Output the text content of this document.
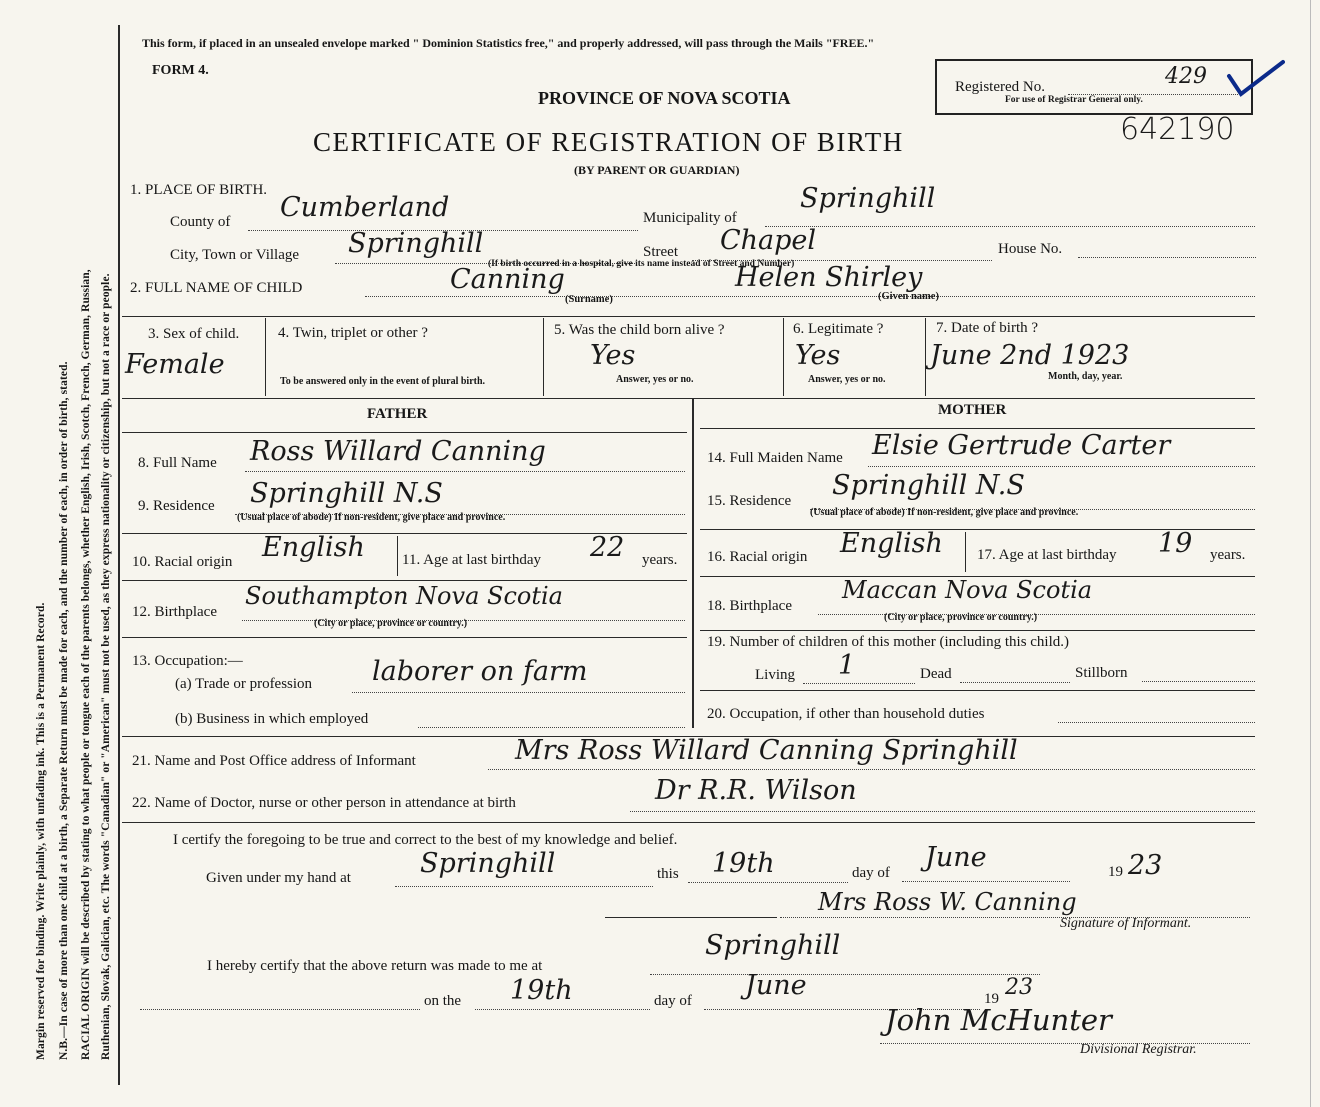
Margin reserved for binding. Write plainly, with unfading ink. This is a Permanent Record. N.B.—In case of more than one child at a birth, a Separate Return must be made for each, and the number of each, in order of birth, stated. RACIAL ORIGIN will be described by stating to what people or tongue each of the parents belongs, whether English, Irish, Scotch, French, German, Russian, Ruthenian, Slovak, Galician, etc. The words "Canadian" or "American" must not be used, as they express nationality or citizenship, but not a race or people.
This form, if placed in an unsealed envelope marked " Dominion Statistics free," and properly addressed, will pass through the Mails "FREE."
FORM 4.
PROVINCE OF NOVA SCOTIA
CERTIFICATE OF REGISTRATION OF BIRTH
(BY PARENT OR GUARDIAN)
Registered No.	429
For use of Registrar General only.
642190
1. PLACE OF BIRTH.
County of Cumberland	Municipality of
Springhill
City, Town or Village Springhill	Street Chapel	House No.
(If birth occurred in a hospital, give its name instead of Street and Number)
2. FULL NAME OF CHILD	Canning
(Surname)
Helen Shirley
(Given name)
3. Sex of child.
Female
4. Twin, triplet or other ?
To be answered only in the event of plural birth.
5. Was the child born alive ?
Yes
Answer, yes or no.
6. Legitimate ?
Yes
Answer, yes or no.
7. Date of birth ?
June 2nd 1923
Month, day, year.
FATHER
8. Full Name Ross Willard Canning
9. Residence Springhill N.S
(Usual place of abode) If non-resident, give place and province.
10. Racial origin English 11. Age at last birthday 22 years.
12. Birthplace
Southampton Nova Scotia
(City or place, province or country.)
13. Occupation:—
(a) Trade or profession laborer on farm
(b) Business in which employed
MOTHER
14. Full Maiden Name Elsie Gertrude Carter
15. Residence Springhill N.S
(Usual place of abode) If non-resident, give place and province.
16. Racial origin English 17. Age at last birthday 19 years.
18. Birthplace
Maccan Nova Scotia
(City or place, province or country.)
19. Number of children of this mother (including this child.)
Living 1	Dead	Stillborn
20. Occupation, if other than household duties
21. Name and Post Office address of Informant	Mrs Ross Willard Canning Springhill
22. Name of Doctor, nurse or other person in attendance at birth	Dr R.R. Wilson
I certify the foregoing to be true and correct to the best of my knowledge and belief.
Given under my hand at	Springhill	this 19th	day of June	19 23
Mrs Ross W. Canning
Signature of Informant.
I hereby certify that the above return was made to me at
Springhill
on the 19th	day of June	19 23
John McHunter
Divisional Registrar.
